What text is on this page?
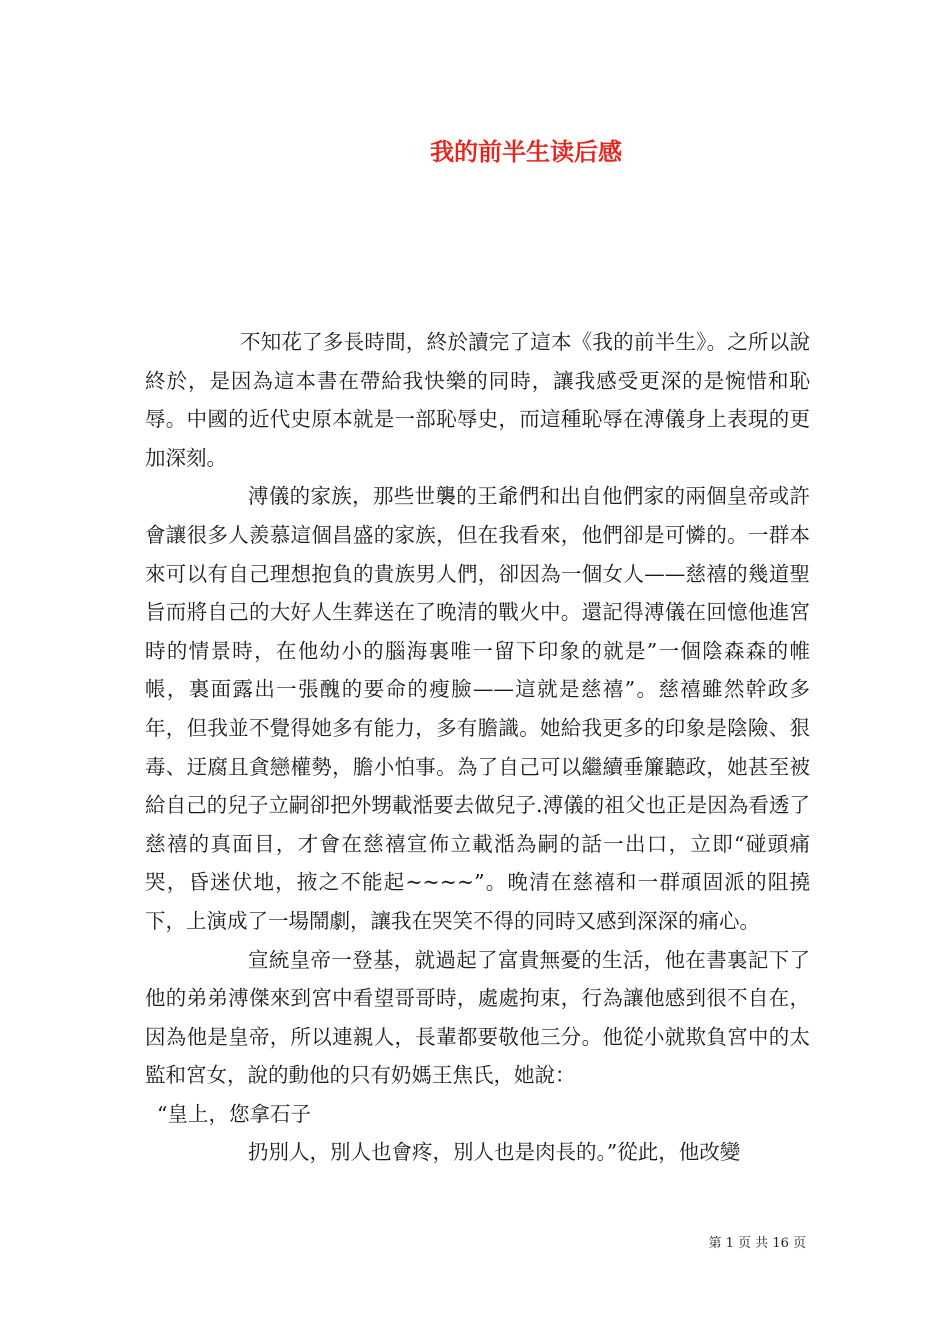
我的前半生读后感

不知花了多長時間，終於讀完了這本《我的前半生》。之所以說終於，是因為這本書在帶給我快樂的同時，讓我感受更深的是惋惜和恥辱。中國的近代史原本就是一部恥辱史，而這種恥辱在溥儀身上表現的更加深刻。

溥儀的家族，那些世襲的王爺們和出自他們家的兩個皇帝或許會讓很多人羨慕這個昌盛的家族，但在我看來，他們卻是可憐的。一群本來可以有自己理想抱負的貴族男人們，卻因為一個女人——慈禧的幾道聖旨而將自己的大好人生葬送在了晚清的戰火中。還記得溥儀在回憶他進宮時的情景時，在他幼小的腦海裏唯一留下印象的就是”一個陰森森的帷帳，裏面露出一張醜的要命的瘦臉——這就是慈禧”。慈禧雖然幹政多年，但我並不覺得她多有能力，多有膽識。她給我更多的印象是陰險、狠毒、迂腐且貪戀權勢，膽小怕事。為了自己可以繼續垂簾聽政，她甚至被給自己的兒子立嗣卻把外甥載湉要去做兒子.溥儀的祖父也正是因為看透了慈禧的真面目，才會在慈禧宣佈立載湉為嗣的話一出口，立即“碰頭痛哭，昏迷伏地，掖之不能起~~~~”。晚清在慈禧和一群頑固派的阻撓下，上演成了一場鬧劇，讓我在哭笑不得的同時又感到深深的痛心。

宣統皇帝一登基，就過起了富貴無憂的生活，他在書裏記下了他的弟弟溥傑來到宮中看望哥哥時，處處拘束，行為讓他感到很不自在，因為他是皇帝，所以連親人，長輩都要敬他三分。他從小就欺負宮中的太監和宮女，說的動他的只有奶媽王焦氏，她說：

“皇上，您拿石子

扔別人，別人也會疼，別人也是肉長的。”從此，他改變

第 1 页 共 16 页
